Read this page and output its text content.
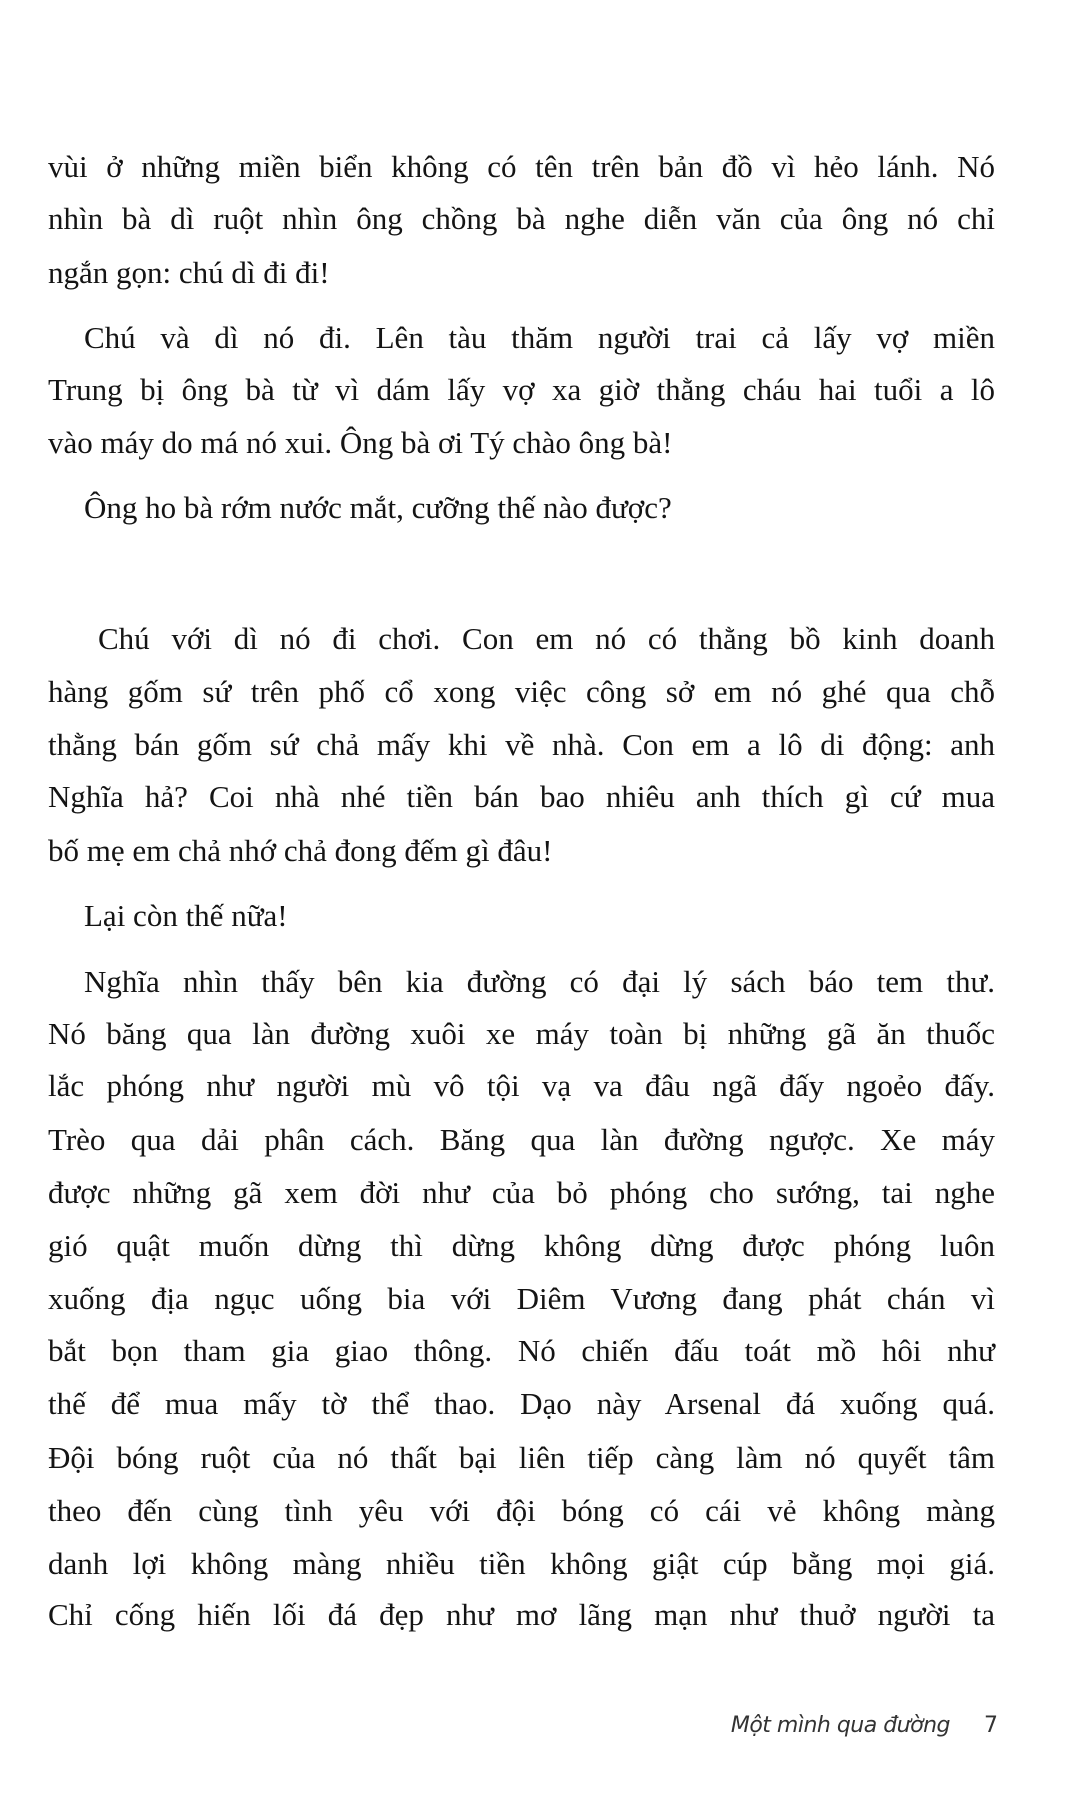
vùi ở những miền biển không có tên trên bản đồ vì hẻo lánh. Nó
nhìn bà dì ruột nhìn ông chồng bà nghe diễn văn của ông nó chỉ
ngắn gọn: chú dì đi đi!
Chú và dì nó đi. Lên tàu thăm người trai cả lấy vợ miền
Trung bị ông bà từ vì dám lấy vợ xa giờ thằng cháu hai tuổi a lô
vào máy do má nó xui. Ông bà ơi Tý chào ông bà!
Ông ho bà rớm nước mắt, cưỡng thế nào được?
Chú với dì nó đi chơi. Con em nó có thằng bồ kinh doanh
hàng gốm sứ trên phố cổ xong việc công sở em nó ghé qua chỗ
thằng bán gốm sứ chả mấy khi về nhà. Con em a lô di động: anh
Nghĩa hả? Coi nhà nhé tiền bán bao nhiêu anh thích gì cứ mua
bố mẹ em chả nhớ chả đong đếm gì đâu!
Lại còn thế nữa!
Nghĩa nhìn thấy bên kia đường có đại lý sách báo tem thư.
Nó băng qua làn đường xuôi xe máy toàn bị những gã ăn thuốc
lắc phóng như người mù vô tội vạ va đâu ngã đấy ngoẻo đấy.
Trèo qua dải phân cách. Băng qua làn đường ngược. Xe máy
được những gã xem đời như của bỏ phóng cho sướng, tai nghe
gió quật muốn dừng thì dừng không dừng được phóng luôn
xuống địa ngục uống bia với Diêm Vương đang phát chán vì
bắt bọn tham gia giao thông. Nó chiến đấu toát mồ hôi như
thế để mua mấy tờ thể thao. Dạo này Arsenal đá xuống quá.
Đội bóng ruột của nó thất bại liên tiếp càng làm nó quyết tâm
theo đến cùng tình yêu với đội bóng có cái vẻ không màng
danh lợi không màng nhiều tiền không giật cúp bằng mọi giá.
Chỉ cống hiến lối đá đẹp như mơ lãng mạn như thuở người ta
Một mình qua đường 7
